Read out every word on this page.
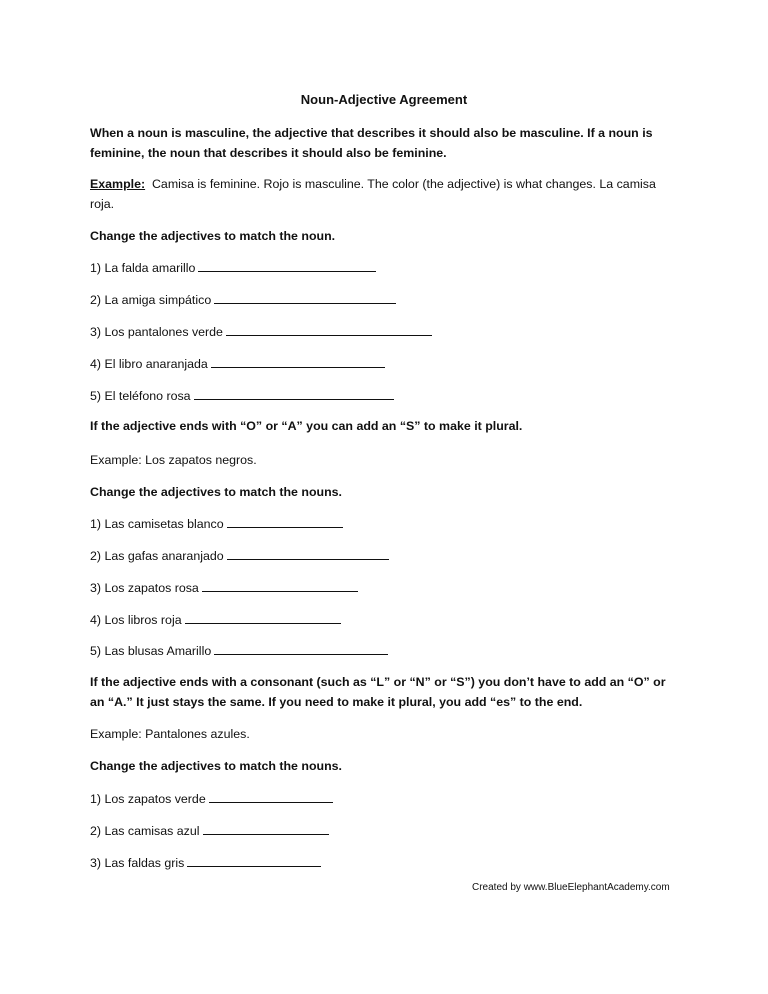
Noun-Adjective Agreement
When a noun is masculine, the adjective that describes it should also be masculine. If a noun is feminine, the noun that describes it should also be feminine.
Example: Camisa is feminine. Rojo is masculine. The color (the adjective) is what changes. La camisa roja.
Change the adjectives to match the noun.
1) La falda amarillo
2) La amiga simpático
3) Los pantalones verde
4) El libro anaranjada
5) El teléfono rosa
If the adjective ends with “O” or “A” you can add an “S” to make it plural.
Example: Los zapatos negros.
Change the adjectives to match the nouns.
1) Las camisetas blanco
2) Las gafas anaranjado
3) Los zapatos rosa
4) Los libros roja
5) Las blusas Amarillo
If the adjective ends with a consonant (such as “L” or “N” or “S”) you don’t have to add an “O” or an “A.” It just stays the same. If you need to make it plural, you add “es” to the end.
Example: Pantalones azules.
Change the adjectives to match the nouns.
1) Los zapatos verde
2) Las camisas azul
3) Las faldas gris
Created by www.BlueElephantAcademy.com
